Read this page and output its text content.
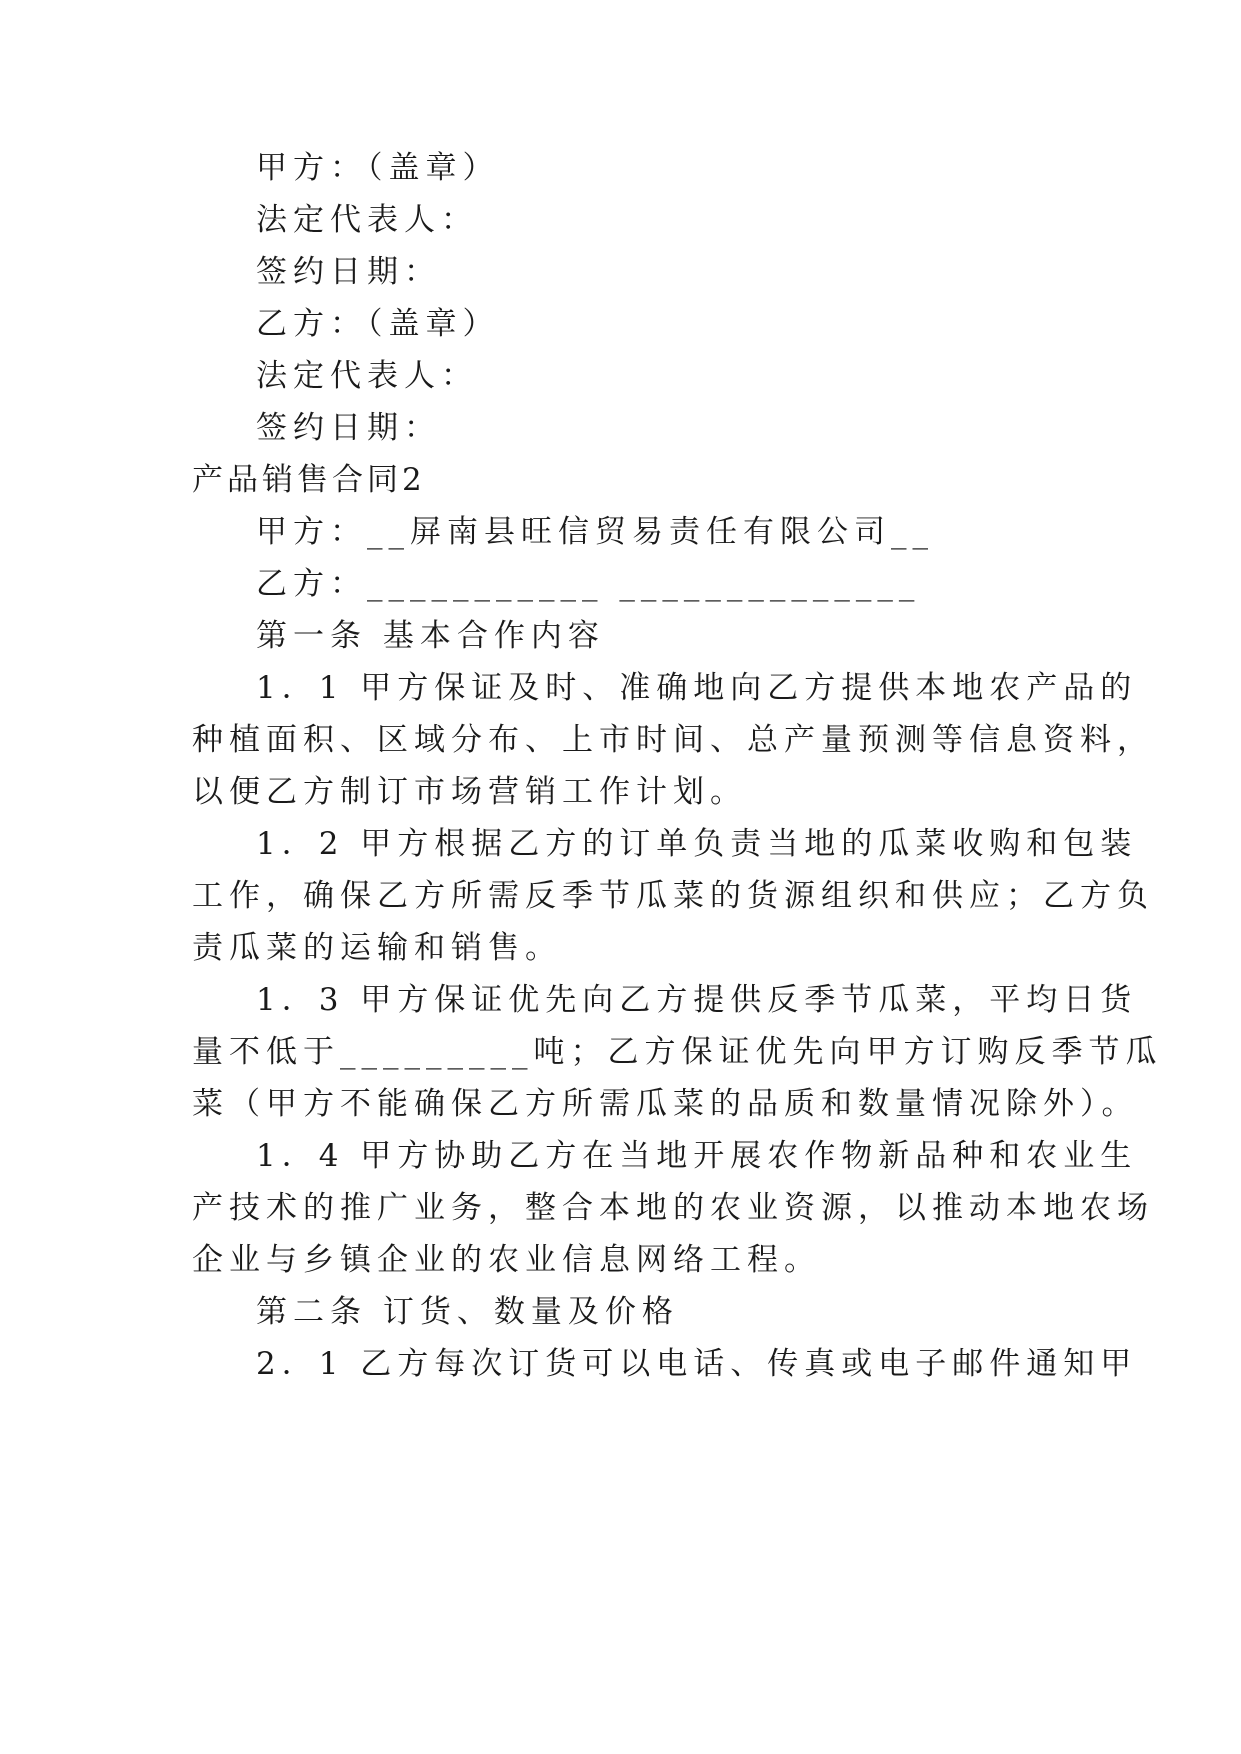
甲方：（盖章）
法定代表人：
签约日期：
乙方：（盖章）
法定代表人：
签约日期：
产品销售合同2
甲方：__屏南县旺信贸易责任有限公司__
乙方：___________ ______________
第一条 基本合作内容
1．1 甲方保证及时、准确地向乙方提供本地农产品的
种植面积、区域分布、上市时间、总产量预测等信息资料，
以便乙方制订市场营销工作计划。
1．2 甲方根据乙方的订单负责当地的瓜菜收购和包装
工作，确保乙方所需反季节瓜菜的货源组织和供应；乙方负
责瓜菜的运输和销售。
1．3 甲方保证优先向乙方提供反季节瓜菜，平均日货
量不低于_________吨；乙方保证优先向甲方订购反季节瓜
菜（甲方不能确保乙方所需瓜菜的品质和数量情况除外）。
1．4 甲方协助乙方在当地开展农作物新品种和农业生
产技术的推广业务，整合本地的农业资源，以推动本地农场
企业与乡镇企业的农业信息网络工程。
第二条 订货、数量及价格
2．1 乙方每次订货可以电话、传真或电子邮件通知甲
